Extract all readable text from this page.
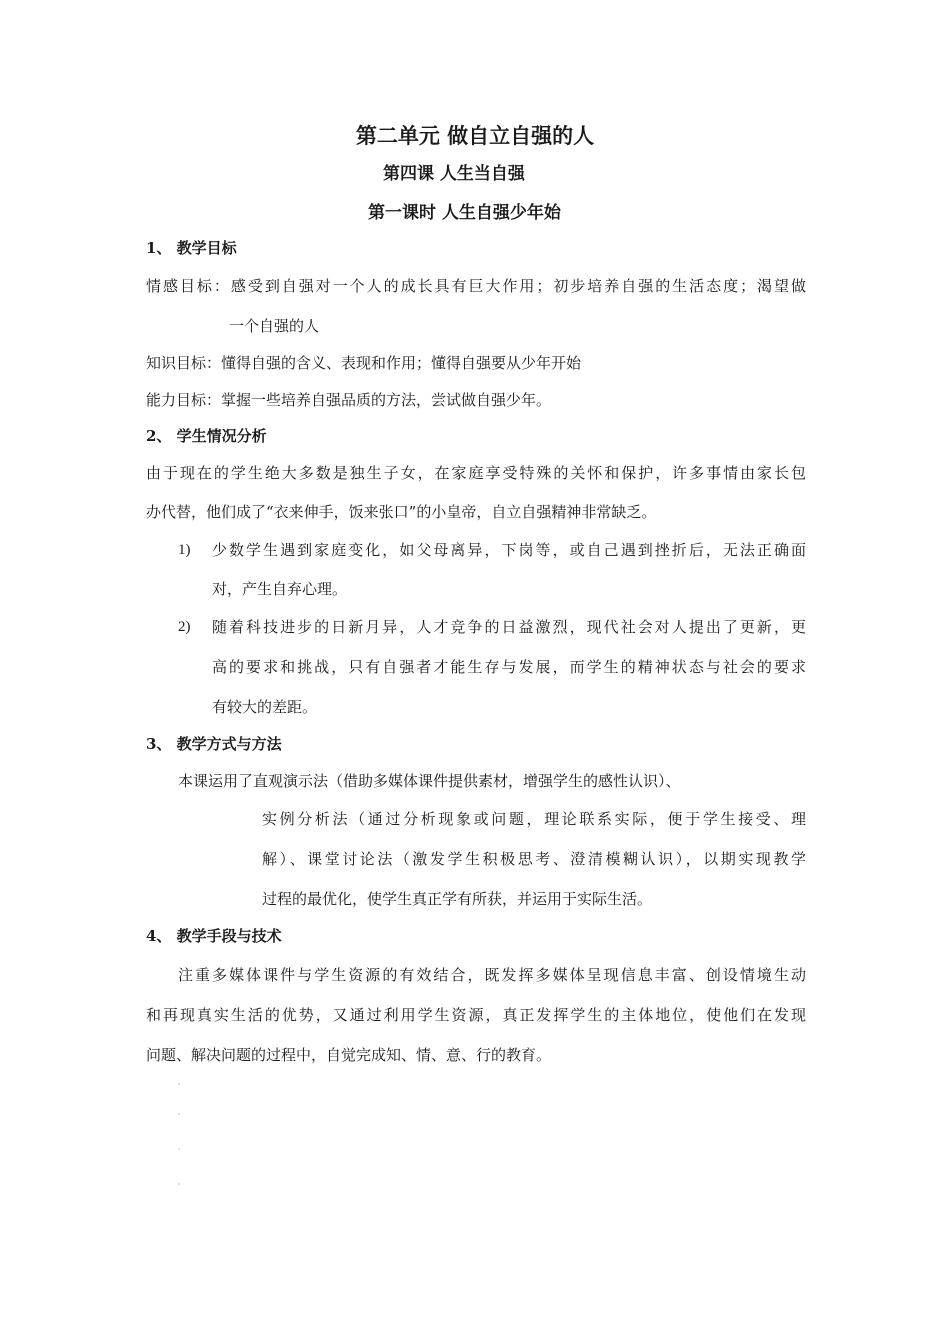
第二单元 做自立自强的人
第四课 人生当自强
第一课时 人生自强少年始
1、 教学目标
情感目标：感受到自强对一个人的成长具有巨大作用；初步培养自强的生活态度；渴望做
一个自强的人
知识目标：懂得自强的含义、表现和作用；懂得自强要从少年开始
能力目标：掌握一些培养自强品质的方法，尝试做自强少年。
2、 学生情况分析
由于现在的学生绝大多数是独生子女，在家庭享受特殊的关怀和保护，许多事情由家长包
办代替，他们成了“衣来伸手，饭来张口”的小皇帝，自立自强精神非常缺乏。
1) 少数学生遇到家庭变化，如父母离异，下岗等，或自己遇到挫折后，无法正确面
对，产生自弃心理。
2) 随着科技进步的日新月异，人才竞争的日益激烈，现代社会对人提出了更新，更
高的要求和挑战，只有自强者才能生存与发展，而学生的精神状态与社会的要求
有较大的差距。
3、 教学方式与方法
本课运用了直观演示法（借助多媒体课件提供素材，增强学生的感性认识）、
实例分析法（通过分析现象或问题，理论联系实际，便于学生接受、理
解）、课堂讨论法（激发学生积极思考、澄清模糊认识），以期实现教学
过程的最优化，使学生真正学有所获，并运用于实际生活。
4、 教学手段与技术
注重多媒体课件与学生资源的有效结合，既发挥多媒体呈现信息丰富、创设情境生动
和再现真实生活的优势，又通过利用学生资源，真正发挥学生的主体地位，使他们在发现
问题、解决问题的过程中，自觉完成知、情、意、行的教育。
